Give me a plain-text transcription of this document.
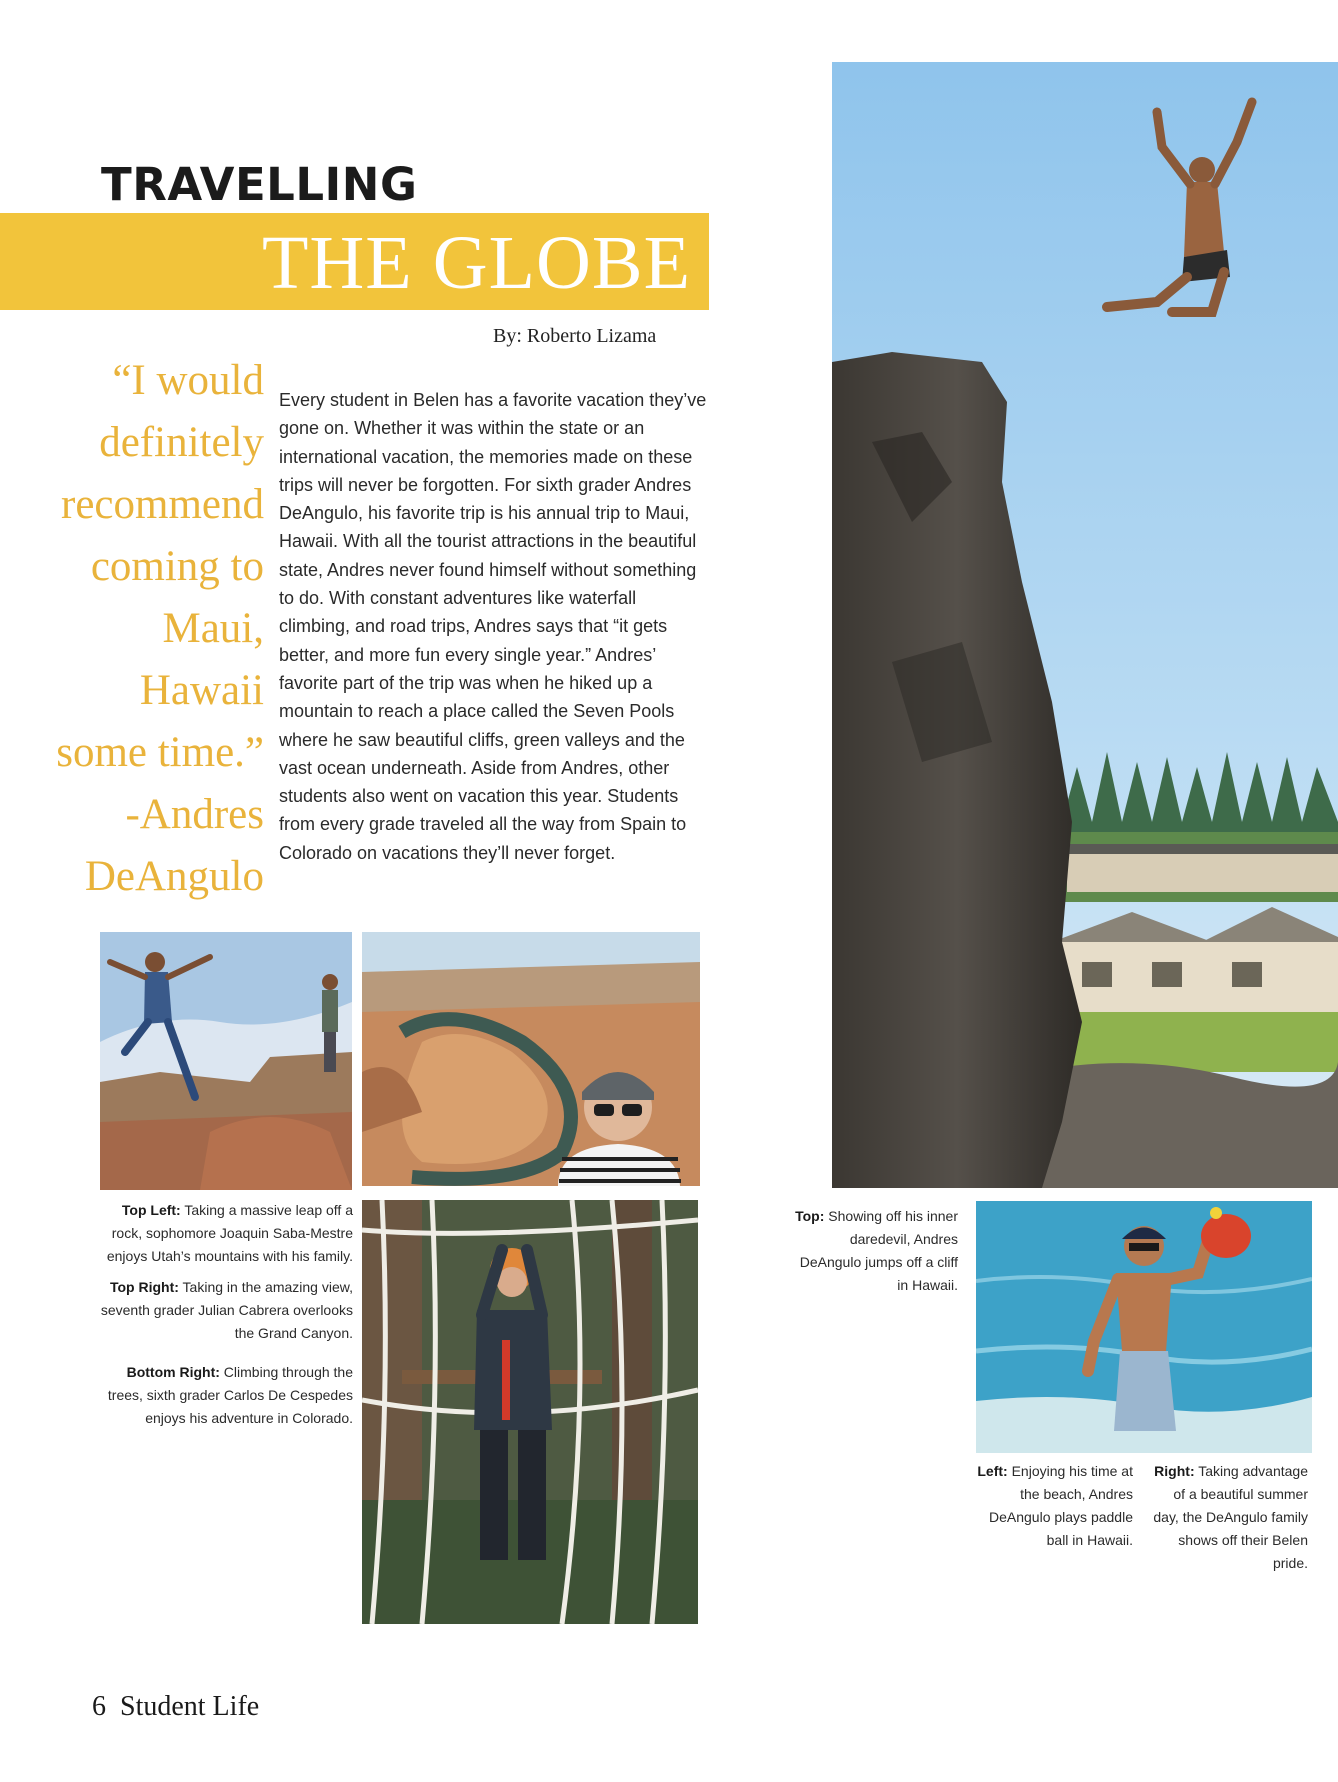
TRAVELLING
THE GLOBE
By: Roberto Lizama
“I would
definitely
recommend
coming to
Maui,
Hawaii
some time.”
-Andres
DeAngulo
Every student in Belen has a favorite vacation they’ve gone on. Whether it was within the state or an international vacation, the memories made on these trips will never be forgotten. For sixth grader Andres DeAngulo, his favorite trip is his annual trip to Maui, Hawaii. With all the tourist attractions in the beautiful state, Andres never found himself without something to do. With constant adventures like waterfall climbing, and road trips, Andres says that “it gets better, and more fun every single year.” Andres’ favorite part of the trip was when he hiked up a mountain to reach a place called the Seven Pools where he saw beautiful cliffs, green valleys and the vast ocean underneath. Aside from Andres, other students also went on vacation this year. Students from every grade traveled all the way from Spain to Colorado on vacations they’ll never forget.
Top Left: Taking a massive leap off a rock, sophomore Joaquin Saba-Mestre enjoys Utah’s mountains with his family.
Top Right: Taking in the amazing view, seventh grader Julian Cabrera overlooks the Grand Canyon.
Bottom Right: Climbing through the trees, sixth grader Carlos De Cespedes enjoys his adventure in Colorado.
Top: Showing off his inner daredevil, Andres DeAngulo jumps off a cliff in Hawaii.
Left: Enjoying his time at the beach, Andres DeAngulo plays paddle ball in Hawaii.
Right: Taking advantage of a beautiful summer day, the DeAngulo family shows off their Belen pride.
6 Student Life
